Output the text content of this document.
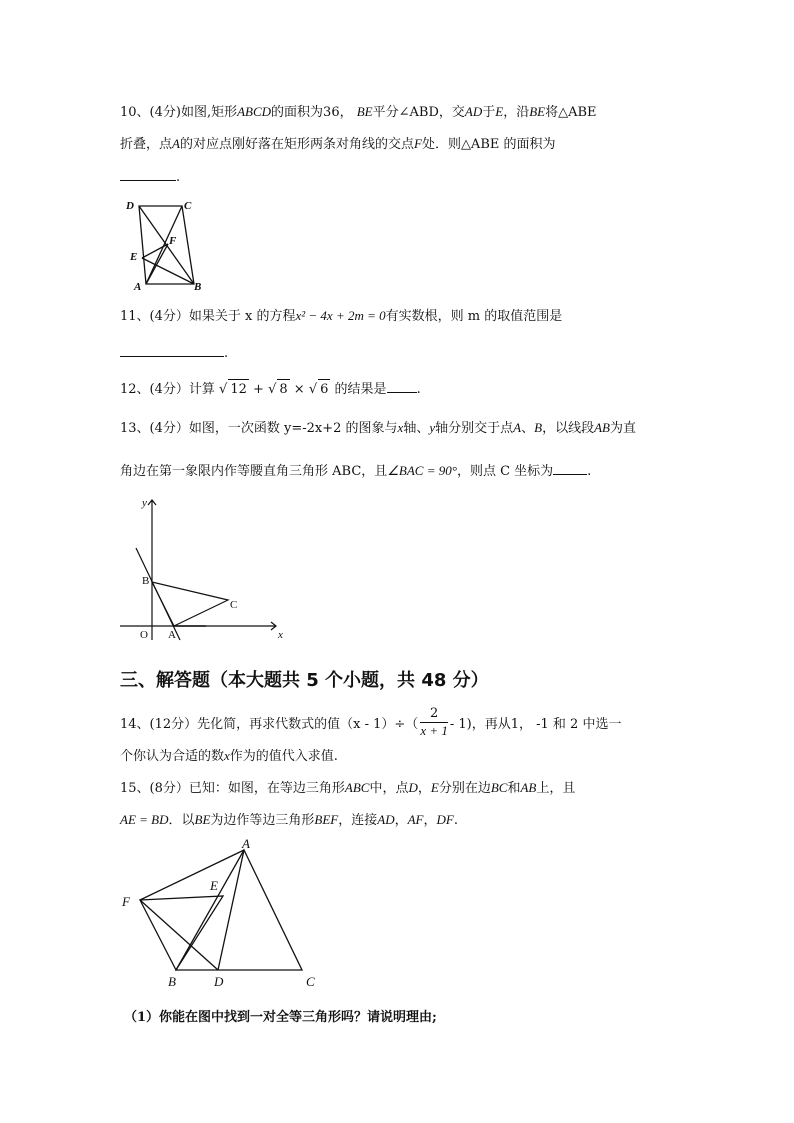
10、(4分)如图,矩形ABCD的面积为36， BE平分∠ABD，交AD于E，沿BE将△ABE
折叠，点A的对应点刚好落在矩形两条对角线的交点F处．则△ABE 的面积为
.
D	C
F
E
A	B
11、(4分）如果关于 x 的方程x² − 4x + 2m = 0有实数根，则 m 的取值范围是
.
12、(4分）计算 √ 12 + √ 8 × √ 6 的结果是 .
13、(4分）如图，一次函数 y=-2x+2 的图象与x轴、y轴分别交于点A、B，以线段AB为直
角边在第一象限内作等腰直角三角形 ABC，且∠BAC = 90°，则点 C 坐标为	.
y
x
O A
B
C
三、解答题（本大题共 5 个小题，共 48 分）
14、(12分）先化简，再求代数式的值$(x - 1)\div( \frac{2}{x + 1} - 1)$，再从1， -1 和 2 中选一
个你认为合适的数x作为的值代入求值.
15、(8分）已知：如图，在等边三角形ABC中，点D，E分别在边BC和AB上，且
AE = BD．以BE为边作等边三角形BEF，连接AD，AF，DF.
A
E
F
B	D	C
（1）你能在图中找到一对全等三角形吗？请说明理由;
